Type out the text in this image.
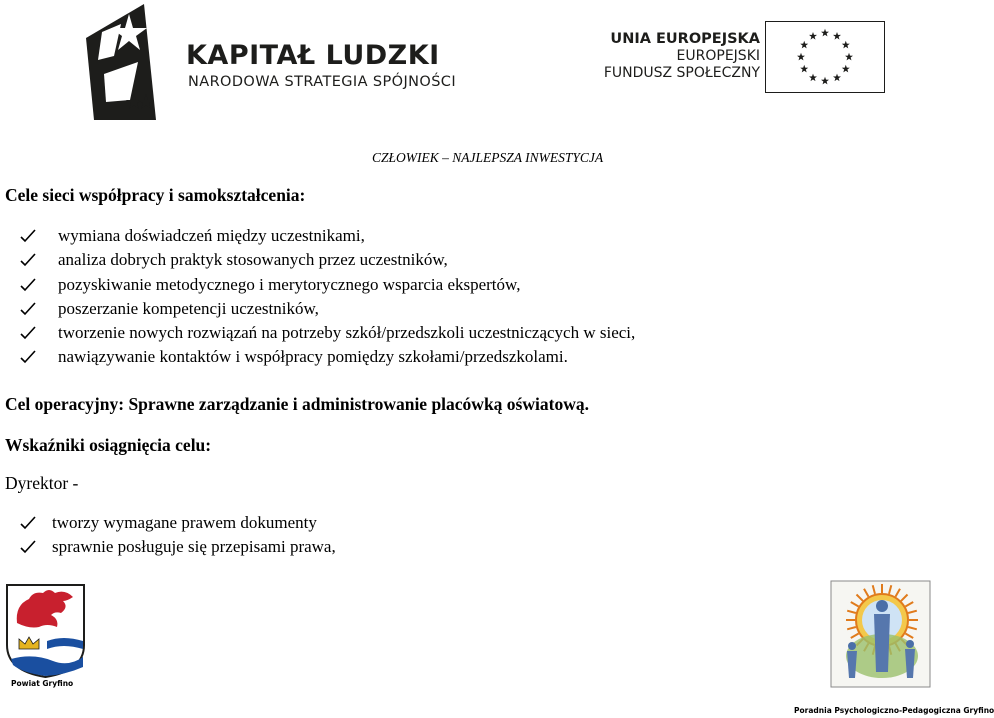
KAPITAŁ LUDZKI
NARODOWA STRATEGIA SPÓJNOŚCI
UNIA EUROPEJSKA
EUROPEJSKI
FUNDUSZ SPOŁECZNY
CZŁOWIEK – NAJLEPSZA INWESTYCJA
Cele sieci współpracy i samokształcenia:
wymiana doświadczeń między uczestnikami,
analiza dobrych praktyk stosowanych przez uczestników,
pozyskiwanie metodycznego i merytorycznego wsparcia ekspertów,
poszerzanie kompetencji uczestników,
tworzenie nowych rozwiązań na potrzeby szkół/przedszkoli uczestniczących w sieci,
nawiązywanie kontaktów i współpracy pomiędzy szkołami/przedszkolami.
Cel operacyjny: Sprawne zarządzanie i administrowanie placówką oświatową.
Wskaźniki osiągnięcia celu:
Dyrektor -
tworzy wymagane prawem dokumenty
sprawnie posługuje się przepisami prawa,
Powiat Gryfino
Poradnia Psychologiczno-Pedagogiczna Gryfino
